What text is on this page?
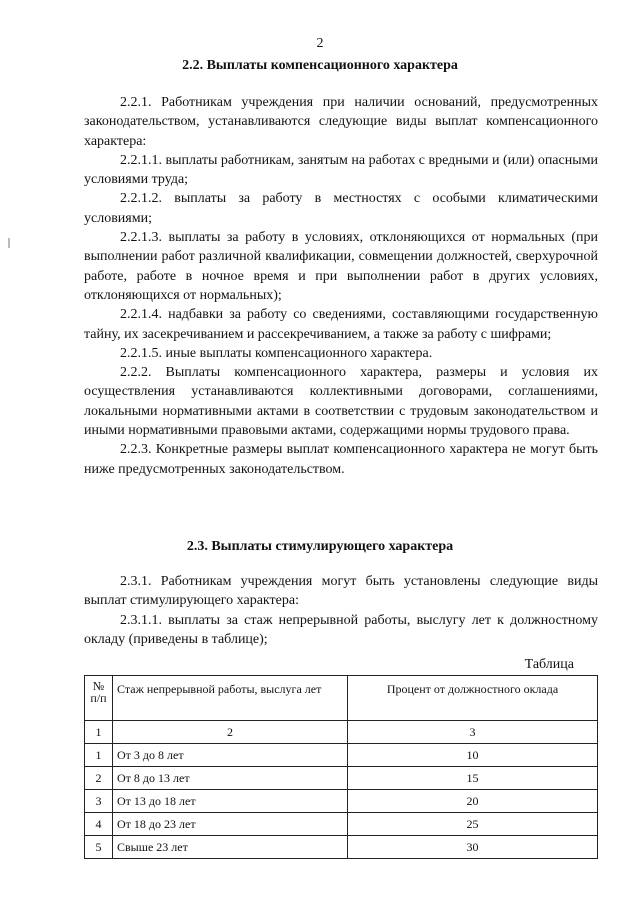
2
2.2. Выплаты компенсационного характера

2.2.1. Работникам учреждения при наличии оснований, предусмотренных законодательством, устанавливаются следующие виды выплат компенсационного характера:

2.2.1.1. выплаты работникам, занятым на работах с вредными и (или) опасными условиями труда;

2.2.1.2. выплаты за работу в местностях с особыми климатическими условиями;

2.2.1.3. выплаты за работу в условиях, отклоняющихся от нормальных (при выполнении работ различной квалификации, совмещении должностей, сверхурочной работе, работе в ночное время и при выполнении работ в других условиях, отклоняющихся от нормальных);

2.2.1.4. надбавки за работу со сведениями, составляющими государственную тайну, их засекречиванием и рассекречиванием, а также за работу с шифрами;

2.2.1.5. иные выплаты компенсационного характера.

2.2.2. Выплаты компенсационного характера, размеры и условия их осуществления устанавливаются коллективными договорами, соглашениями, локальными нормативными актами в соответствии с трудовым законодательством и иными нормативными правовыми актами, содержащими нормы трудового права.

2.2.3. Конкретные размеры выплат компенсационного характера не могут быть ниже предусмотренных законодательством.

2.3. Выплаты стимулирующего характера

2.3.1. Работникам учреждения могут быть установлены следующие виды выплат стимулирующего характера:

2.3.1.1. выплаты за стаж непрерывной работы, выслугу лет к должностному окладу (приведены в таблице);

Таблица
№ п/п	Стаж непрерывной работы, выслуга лет	Процент от должностного оклада
1	2	3
1	От 3 до 8 лет	10
2	От 8 до 13 лет	15
3	От 13 до 18 лет	20
4	От 18 до 23 лет	25
5	Свыше 23 лет	30
